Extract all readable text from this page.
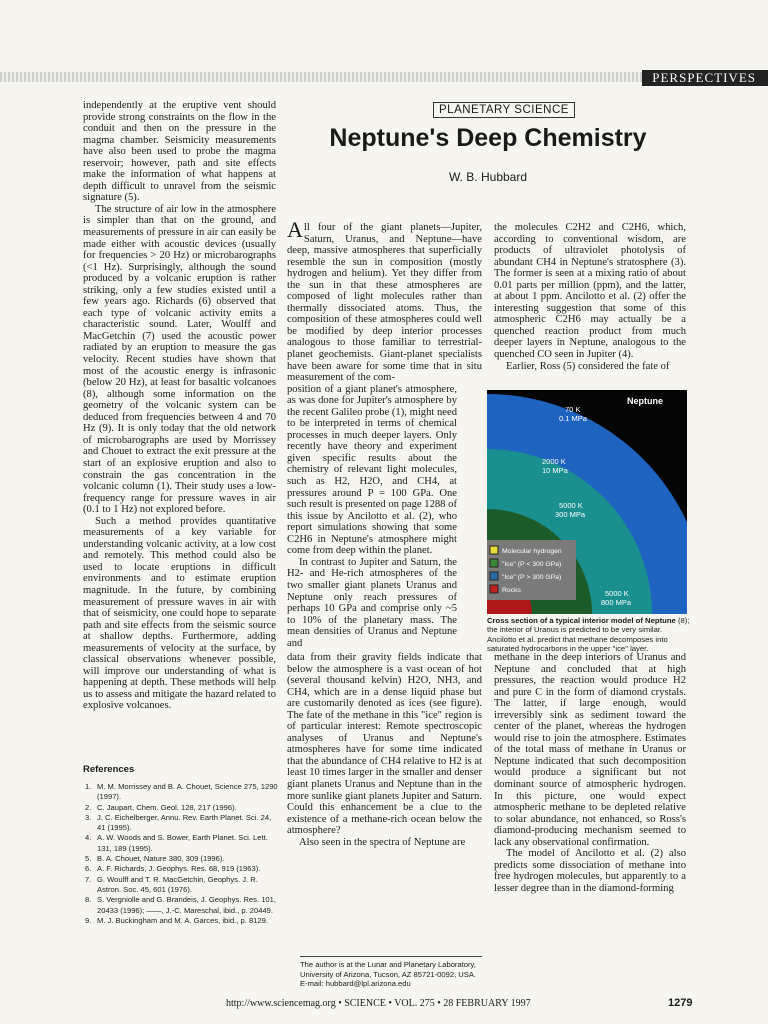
PERSPECTIVES

independently at the eruptive vent should provide strong constraints on the flow in the conduit and then on the pressure in the magma chamber. Seismicity measurements have also been used to probe the magma reservoir; however, path and site effects make the information of what happens at depth difficult to unravel from the seismic signature (5).

The structure of air low in the atmosphere is simpler than that on the ground, and measurements of pressure in air can easily be made either with acoustic devices (usually for frequencies > 20 Hz) or microbarographs (<1 Hz). Surprisingly, although the sound produced by a volcanic eruption is rather striking, only a few studies existed until a few years ago. Richards (6) observed that each type of volcanic activity emits a characteristic sound. Later, Woulff and MacGetchin (7) used the acoustic power radiated by an eruption to measure the gas velocity. Recent studies have shown that most of the acoustic energy is infrasonic (below 20 Hz), at least for basaltic volcanoes (8), although some information on the geometry of the volcanic system can be deduced from frequencies between 4 and 70 Hz (9). It is only today that the old network of microbarographs are used by Morrissey and Chouet to extract the exit pressure at the start of an explosive eruption and also to constrain the gas concentration in the volcanic column (1). Their study uses a low-frequency range for pressure waves in air (0.1 to 1 Hz) not explored before.

Such a method provides quantitative measurements of a key variable for understanding volcanic activity, at a low cost and remotely. This method could also be used to locate eruptions in difficult environments and to estimate eruption magnitude. In the future, by combining measurement of pressure waves in air with that of seismicity, one could hope to separate path and site effects from the seismic source at shallow depths. Furthermore, adding measurements of velocity at the surface, by classical observations whenever possible, will improve our understanding of what is happening at depth. These methods will help us to assess and mitigate the hazard related to explosive volcanoes.

References
1. M. M. Morrissey and B. A. Chouet, Science 275, 1290 (1997).
2. C. Jaupart, Chem. Geol. 128, 217 (1996).
3. J. C. Eichelberger, Annu. Rev. Earth Planet. Sci. 24, 41 (1995).
4. A. W. Woods and S. Bower, Earth Planet. Sci. Lett. 131, 189 (1995).
5. B. A. Chouet, Nature 380, 309 (1996).
6. A. F. Richards, J. Geophys. Res. 68, 919 (1963).
7. G. Woulff and T. R. MacGetchin, Geophys. J. R. Astron. Soc. 45, 601 (1976).
8. S. Vergniolle and G. Brandeis, J. Geophys. Res. 101, 20433 (1996); ——, J.-C. Mareschal, ibid., p. 20449.
9. M. J. Buckingham and M. A. Garces, ibid., p. 8129.
PLANETARY SCIENCE
Neptune's Deep Chemistry
W. B. Hubbard

All four of the giant planets—Jupiter, Saturn, Uranus, and Neptune—have deep, massive atmospheres that superficially resemble the sun in composition (mostly hydrogen and helium). Yet they differ from the sun in that these atmospheres are composed of light molecules rather than thermally dissociated atoms. Thus, the composition of these atmospheres could well be modified by deep interior processes analogous to those familiar to terrestrial-planet geochemists. Giant-planet specialists have been aware for some time that in situ measurement of the com-

position of a giant planet's atmosphere, as was done for Jupiter's atmosphere by the recent Galileo probe (1), might need to be interpreted in terms of chemical processes in much deeper layers. Only recently have theory and experiment given specific results about the chemistry of relevant light molecules, such as H2, H2O, and CH4, at pressures around P = 100 GPa. One such result is presented on page 1288 of this issue by Ancilotto et al. (2), who report simulations showing that some C2H6 in Neptune's atmosphere might come from deep within the planet.

In contrast to Jupiter and Saturn, the H2- and He-rich atmospheres of the two smaller giant planets Uranus and Neptune only reach pressures of perhaps 10 GPa and comprise only ~5 to 10% of the planetary mass. The mean densities of Uranus and Neptune and

the molecules C2H2 and C2H6, which, according to conventional wisdom, are products of ultraviolet photolysis of abundant CH4 in Neptune's stratosphere (3). The former is seen at a mixing ratio of about 0.01 parts per million (ppm), and the latter, at about 1 ppm. Ancilotto et al. (2) offer the interesting suggestion that some of this atmospheric C2H6 may actually be a quenched reaction product from much deeper layers in Neptune, analogous to the quenched CO seen in Jupiter (4).

Earlier, Ross (5) considered the fate of

Neptune
70 K
0.1 MPa
2000 K
10 MPa
5000 K
300 MPa
5000 K
800 MPa
Molecular hydrogen
"Ice" (P < 300 GPa)
"Ice" (P > 300 GPa)
Rocks
Cross section of a typical interior model of Neptune (8); the interior of Uranus is predicted to be very similar. Ancilotto et al. predict that methane decomposes into saturated hydrocarbons in the upper "ice" layer.

data from their gravity fields indicate that below the atmosphere is a vast ocean of hot (several thousand kelvin) H2O, NH3, and CH4, which are in a dense liquid phase but are customarily denoted as ices (see figure). The fate of the methane in this "ice" region is of particular interest: Remote spectroscopic analyses of Uranus and Neptune's atmospheres have for some time indicated that the abundance of CH4 relative to H2 is at least 10 times larger in the smaller and denser giant planets Uranus and Neptune than in the more sunlike giant planets Jupiter and Saturn. Could this enhancement be a clue to the existence of a methane-rich ocean below the atmosphere?

Also seen in the spectra of Neptune are

methane in the deep interiors of Uranus and Neptune and concluded that at high pressures, the reaction would produce H2 and pure C in the form of diamond crystals. The latter, if large enough, would irreversibly sink as sediment toward the center of the planet, whereas the hydrogen would rise to join the atmosphere. Estimates of the total mass of methane in Uranus or Neptune indicated that such decomposition would produce a significant but not dominant source of atmospheric hydrogen. In this picture, one would expect atmospheric methane to be depleted relative to solar abundance, not enhanced, so Ross's diamond-producing mechanism seemed to lack any observational confirmation.

The model of Ancilotto et al. (2) also predicts some dissociation of methane into free hydrogen molecules, but apparently to a lesser degree than in the diamond-forming

The author is at the Lunar and Planetary Laboratory, University of Arizona, Tucson, AZ 85721-0092, USA. E-mail: hubbard@lpl.arizona.edu
http://www.sciencemag.org • SCIENCE • VOL. 275 • 28 FEBRUARY 1997	1279
